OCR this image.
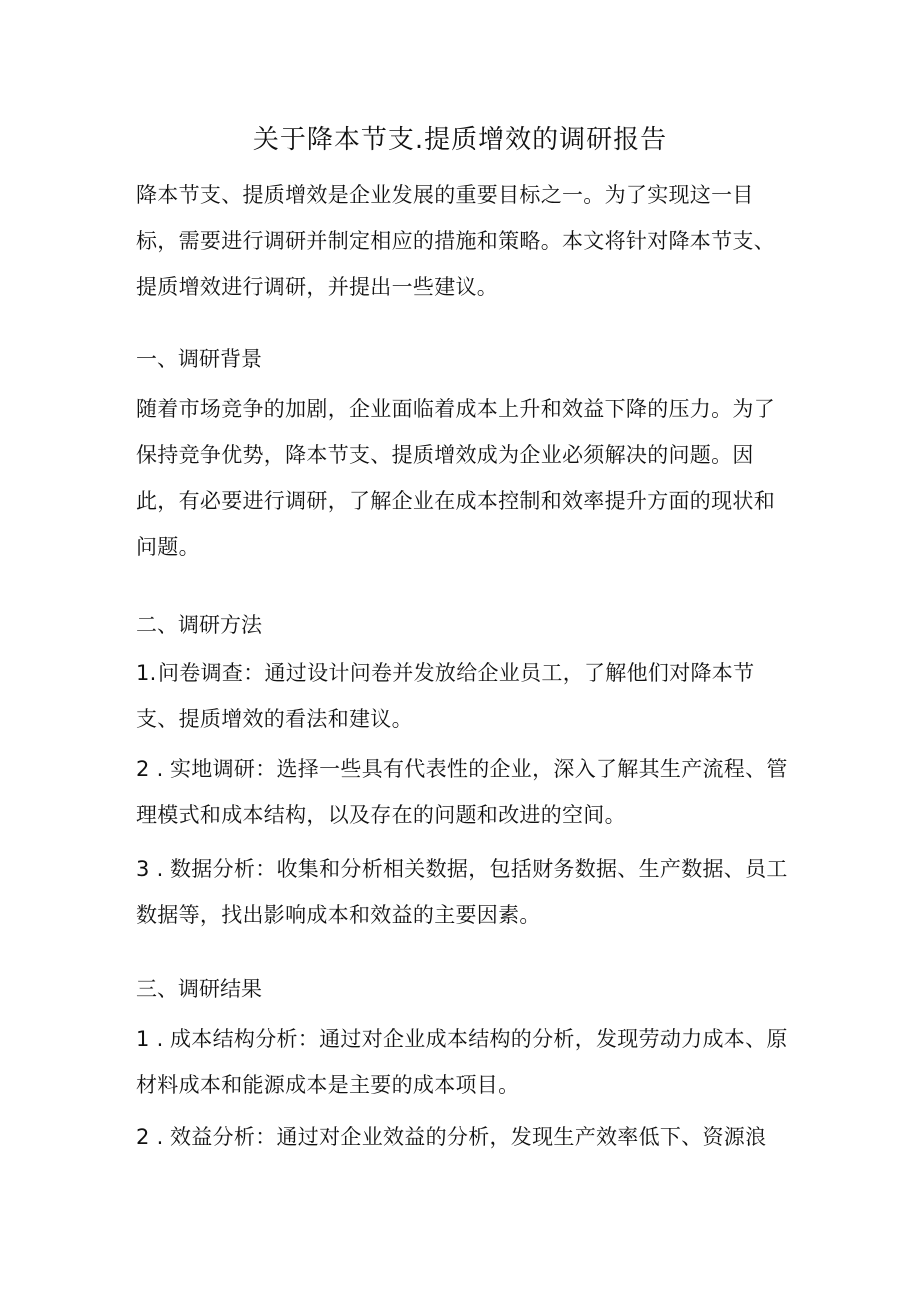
关于降本节支.提质增效的调研报告

降本节支、提质增效是企业发展的重要目标之一。为了实现这一目标，需要进行调研并制定相应的措施和策略。本文将针对降本节支、提质增效进行调研，并提出一些建议。

一、调研背景

随着市场竞争的加剧，企业面临着成本上升和效益下降的压力。为了保持竞争优势，降本节支、提质增效成为企业必须解决的问题。因此，有必要进行调研，了解企业在成本控制和效率提升方面的现状和问题。

二、调研方法

1.问卷调查：通过设计问卷并发放给企业员工，了解他们对降本节支、提质增效的看法和建议。

2 . 实地调研：选择一些具有代表性的企业，深入了解其生产流程、管理模式和成本结构，以及存在的问题和改进的空间。

3 . 数据分析：收集和分析相关数据，包括财务数据、生产数据、员工数据等，找出影响成本和效益的主要因素。

三、调研结果

1 . 成本结构分析：通过对企业成本结构的分析，发现劳动力成本、原材料成本和能源成本是主要的成本项目。

2 . 效益分析：通过对企业效益的分析，发现生产效率低下、资源浪
